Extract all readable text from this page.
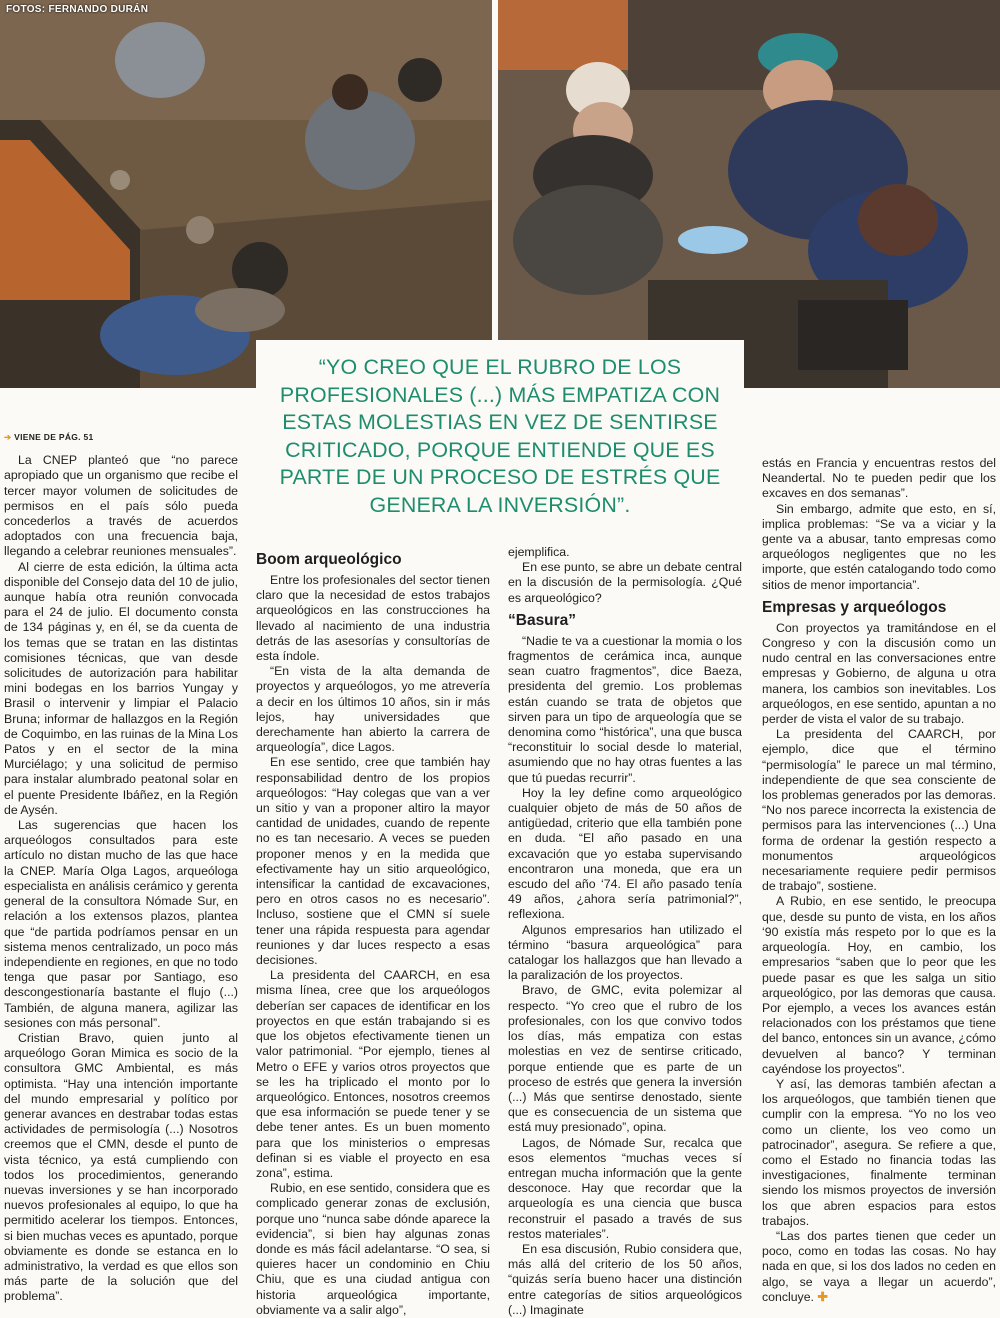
FOTOS: FERNANDO DURÁN

“YO CREO QUE EL RUBRO DE LOS PROFESIONALES (...) MÁS EMPATIZA CON ESTAS MOLESTIAS EN VEZ DE SENTIRSE CRITICADO, PORQUE ENTIENDE QUE ES PARTE DE UN PROCESO DE ESTRÉS QUE GENERA LA INVERSIÓN”.

➔ VIENE DE PÁG. 51

La CNEP planteó que “no parece apropiado que un organismo que recibe el tercer mayor volumen de solicitudes de permisos en el país sólo pueda concederlos a través de acuerdos adoptados con una frecuencia baja, llegando a celebrar reuniones mensuales”.

Al cierre de esta edición, la última acta disponible del Consejo data del 10 de julio, aunque había otra reunión convocada para el 24 de julio. El documento consta de 134 páginas y, en él, se da cuenta de los temas que se tratan en las distintas comisiones técnicas, que van desde solicitudes de autorización para habilitar mini bodegas en los barrios Yungay y Brasil o intervenir y limpiar el Palacio Bruna; informar de hallazgos en la Región de Coquimbo, en las ruinas de la Mina Los Patos y en el sector de la mina Murciélago; y una solicitud de permiso para instalar alumbrado peatonal solar en el puente Presidente Ibáñez, en la Región de Aysén.

Las sugerencias que hacen los arqueólogos consultados para este artículo no distan mucho de las que hace la CNEP. María Olga Lagos, arqueóloga especialista en análisis cerámico y gerenta general de la consultora Nómade Sur, en relación a los extensos plazos, plantea que “de partida podríamos pensar en un sistema menos centralizado, un poco más independiente en regiones, en que no todo tenga que pasar por Santiago, eso descongestionaría bastante el flujo (...) También, de alguna manera, agilizar las sesiones con más personal”.

Cristian Bravo, quien junto al arqueólogo Goran Mimica es socio de la consultora GMC Ambiental, es más optimista. “Hay una intención importante del mundo empresarial y político por generar avances en destrabar todas estas actividades de permisología (...) Nosotros creemos que el CMN, desde el punto de vista técnico, ya está cumpliendo con todos los procedimientos, generando nuevas inversiones y se han incorporado nuevos profesionales al equipo, lo que ha permitido acelerar los tiempos. Entonces, si bien muchas veces es apuntado, porque obviamente es donde se estanca en lo administrativo, la verdad es que ellos son más parte de la solución que del problema”.

Boom arqueológico

Entre los profesionales del sector tienen claro que la necesidad de estos trabajos arqueológicos en las construcciones ha llevado al nacimiento de una industria detrás de las asesorías y consultorías de esta índole.

“En vista de la alta demanda de proyectos y arqueólogos, yo me atrevería a decir en los últimos 10 años, sin ir más lejos, hay universidades que derechamente han abierto la carrera de arqueología”, dice Lagos.

En ese sentido, cree que también hay responsabilidad dentro de los propios arqueólogos: “Hay colegas que van a ver un sitio y van a proponer altiro la mayor cantidad de unidades, cuando de repente no es tan necesario. A veces se pueden proponer menos y en la medida que efectivamente hay un sitio arqueológico, intensificar la cantidad de excavaciones, pero en otros casos no es necesario”. Incluso, sostiene que el CMN sí suele tener una rápida respuesta para agendar reuniones y dar luces respecto a esas decisiones.

La presidenta del CAARCH, en esa misma línea, cree que los arqueólogos deberían ser capaces de identificar en los proyectos en que están trabajando si es que los objetos efectivamente tienen un valor patrimonial. “Por ejemplo, tienes al Metro o EFE y varios otros proyectos que se les ha triplicado el monto por lo arqueológico. Entonces, nosotros creemos que esa información se puede tener y se debe tener antes. Es un buen momento para que los ministerios o empresas definan si es viable el proyecto en esa zona”, estima.

Rubio, en ese sentido, considera que es complicado generar zonas de exclusión, porque uno “nunca sabe dónde aparece la evidencia”, si bien hay algunas zonas donde es más fácil adelantarse. “O sea, si quieres hacer un condominio en Chiu Chiu, que es una ciudad antigua con historia arqueológica importante, obviamente va a salir algo”,

ejemplifica.

En ese punto, se abre un debate central en la discusión de la permisología. ¿Qué es arqueológico?

“Basura”

“Nadie te va a cuestionar la momia o los fragmentos de cerámica inca, aunque sean cuatro fragmentos”, dice Baeza, presidenta del gremio. Los problemas están cuando se trata de objetos que sirven para un tipo de arqueología que se denomina como “histórica”, una que busca “reconstituir lo social desde lo material, asumiendo que no hay otras fuentes a las que tú puedas recurrir”.

Hoy la ley define como arqueológico cualquier objeto de más de 50 años de antigüedad, criterio que ella también pone en duda. “El año pasado en una excavación que yo estaba supervisando encontraron una moneda, que era un escudo del año ‘74. El año pasado tenía 49 años, ¿ahora sería patrimonial?”, reflexiona.

Algunos empresarios han utilizado el término “basura arqueológica” para catalogar los hallazgos que han llevado a la paralización de los proyectos.

Bravo, de GMC, evita polemizar al respecto. “Yo creo que el rubro de los profesionales, con los que convivo todos los días, más empatiza con estas molestias en vez de sentirse criticado, porque entiende que es parte de un proceso de estrés que genera la inversión (...) Más que sentirse denostado, siente que es consecuencia de un sistema que está muy presionado”, opina.

Lagos, de Nómade Sur, recalca que esos elementos “muchas veces sí entregan mucha información que la gente desconoce. Hay que recordar que la arqueología es una ciencia que busca reconstruir el pasado a través de sus restos materiales”.

En esa discusión, Rubio considera que, más allá del criterio de los 50 años, “quizás sería bueno hacer una distinción entre categorías de sitios arqueológicos (...) Imaginate

estás en Francia y encuentras restos del Neandertal. No te pueden pedir que los excaves en dos semanas”.

Sin embargo, admite que esto, en sí, implica problemas: “Se va a viciar y la gente va a abusar, tanto empresas como arqueólogos negligentes que no les importe, que estén catalogando todo como sitios de menor importancia”.

Empresas y arqueólogos

Con proyectos ya tramitándose en el Congreso y con la discusión como un nudo central en las conversaciones entre empresas y Gobierno, de alguna u otra manera, los cambios son inevitables. Los arqueólogos, en ese sentido, apuntan a no perder de vista el valor de su trabajo.

La presidenta del CAARCH, por ejemplo, dice que el término “permisología” le parece un mal término, independiente de que sea consciente de los problemas generados por las demoras. “No nos parece incorrecta la existencia de permisos para las intervenciones (...) Una forma de ordenar la gestión respecto a monumentos arqueológicos necesariamente requiere pedir permisos de trabajo”, sostiene.

A Rubio, en ese sentido, le preocupa que, desde su punto de vista, en los años ‘90 existía más respeto por lo que es la arqueología. Hoy, en cambio, los empresarios “saben que lo peor que les puede pasar es que les salga un sitio arqueológico, por las demoras que causa. Por ejemplo, a veces los avances están relacionados con los préstamos que tiene del banco, entonces sin un avance, ¿cómo devuelven al banco? Y terminan cayéndose los proyectos”.

Y así, las demoras también afectan a los arqueólogos, que también tienen que cumplir con la empresa. “Yo no los veo como un cliente, los veo como un patrocinador”, asegura. Se refiere a que, como el Estado no financia todas las investigaciones, finalmente terminan siendo los mismos proyectos de inversión los que abren espacios para estos trabajos.

“Las dos partes tienen que ceder un poco, como en todas las cosas. No hay nada en que, si los dos lados no ceden en algo, se vaya a llegar un acuerdo”, concluye. ✚
